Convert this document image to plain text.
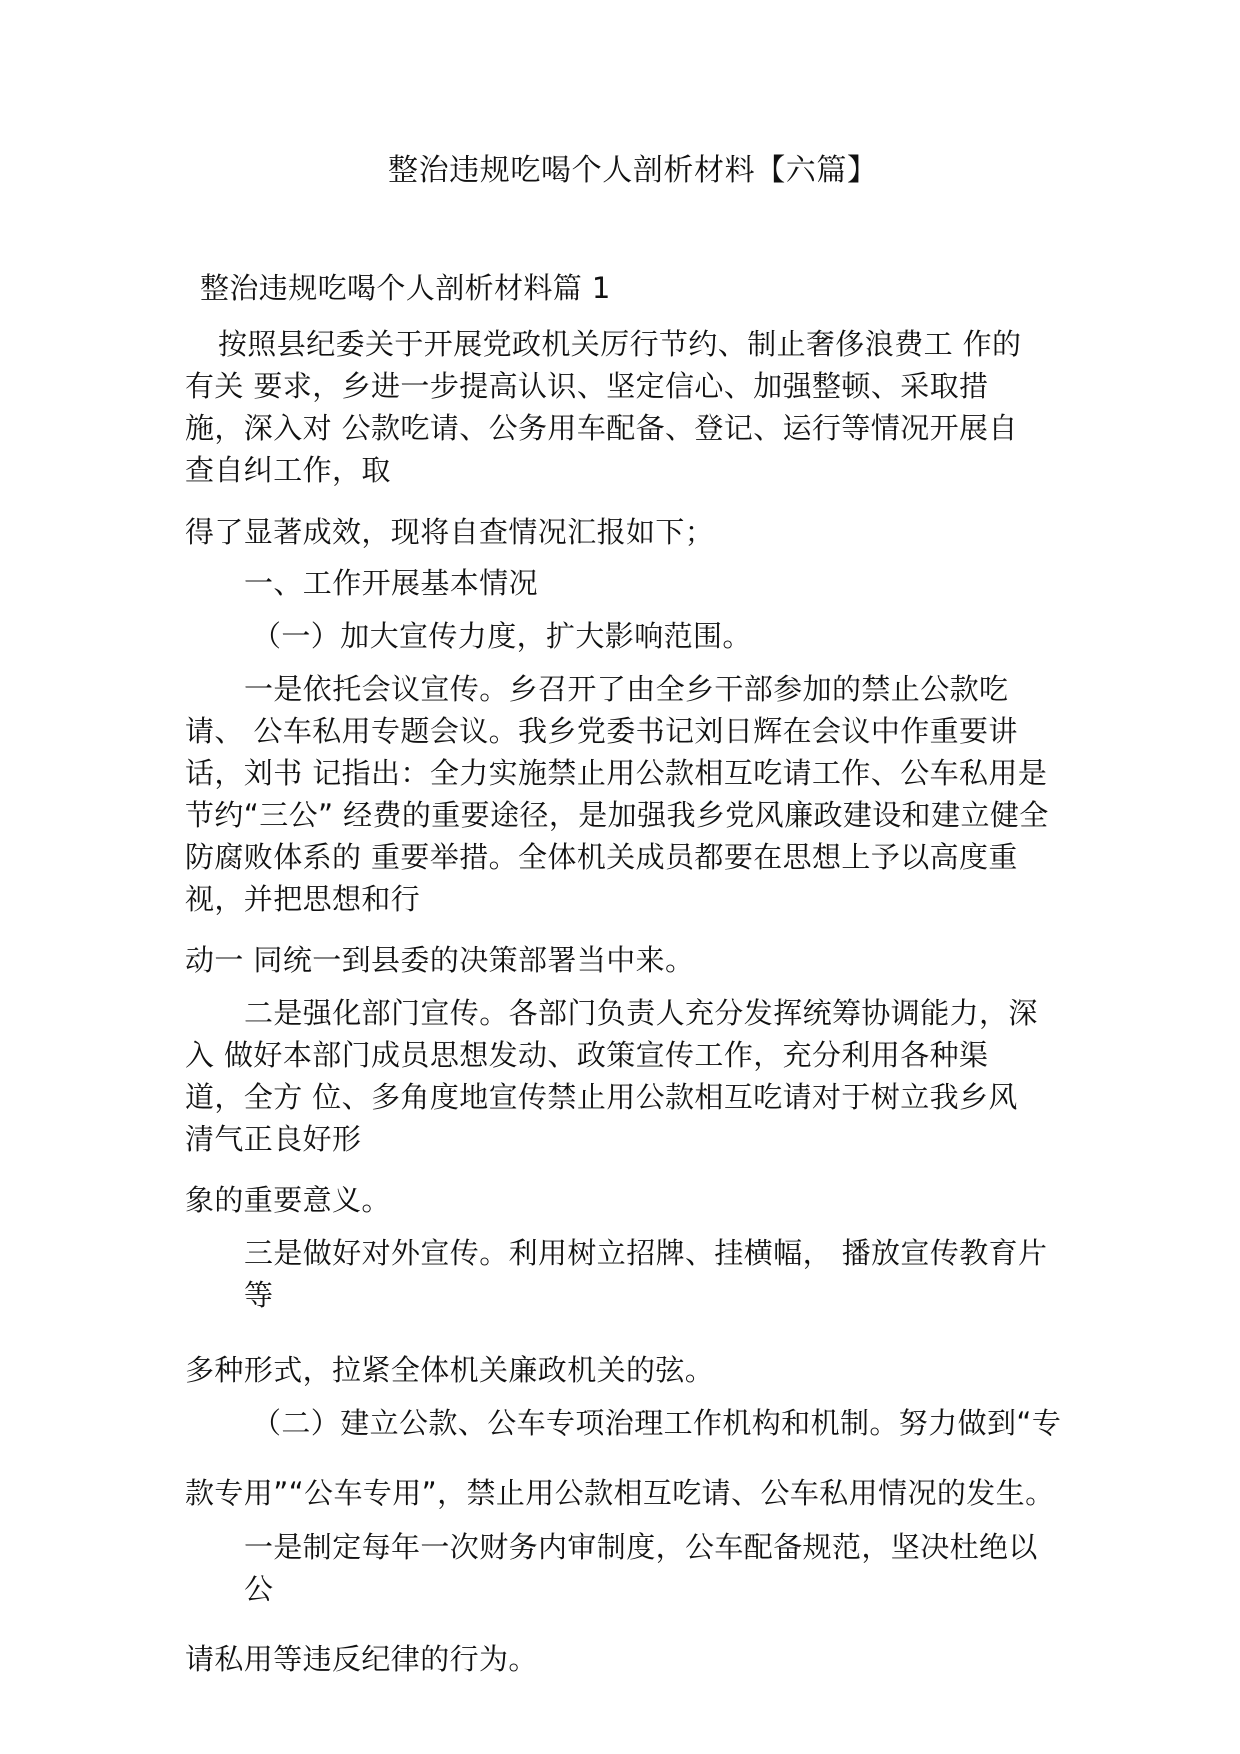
整治违规吃喝个人剖析材料【六篇】
整治违规吃喝个人剖析材料篇 1
按照县纪委关于开展党政机关厉行节约、制止奢侈浪费工 作的
有关 要求，乡进一步提高认识、坚定信心、加强整顿、采取措
施，深入对 公款吃请、公务用车配备、登记、运行等情况开展自
查自纠工作，取
得了显著成效，现将自查情况汇报如下；
一、工作开展基本情况
（一）加大宣传力度，扩大影响范围。
一是依托会议宣传。乡召开了由全乡干部参加的禁止公款吃
请、 公车私用专题会议。我乡党委书记刘日辉在会议中作重要讲
话，刘书 记指出：全力实施禁止用公款相互吃请工作、公车私用是
节约“三公” 经费的重要途径，是加强我乡党风廉政建设和建立健全
防腐败体系的 重要举措。全体机关成员都要在思想上予以高度重
视，并把思想和行
动一 同统一到县委的决策部署当中来。
二是强化部门宣传。各部门负责人充分发挥统筹协调能力，深
入 做好本部门成员思想发动、政策宣传工作，充分利用各种渠
道，全方 位、多角度地宣传禁止用公款相互吃请对于树立我乡风
清气正良好形
象的重要意义。
三是做好对外宣传。利用树立招牌、挂横幅， 播放宣传教育片
等
多种形式，拉紧全体机关廉政机关的弦。
（二）建立公款、公车专项治理工作机构和机制。努力做到“专
款专用”“公车专用”，禁止用公款相互吃请、公车私用情况的发生。
一是制定每年一次财务内审制度，公车配备规范，坚决杜绝以
公
请私用等违反纪律的行为。
